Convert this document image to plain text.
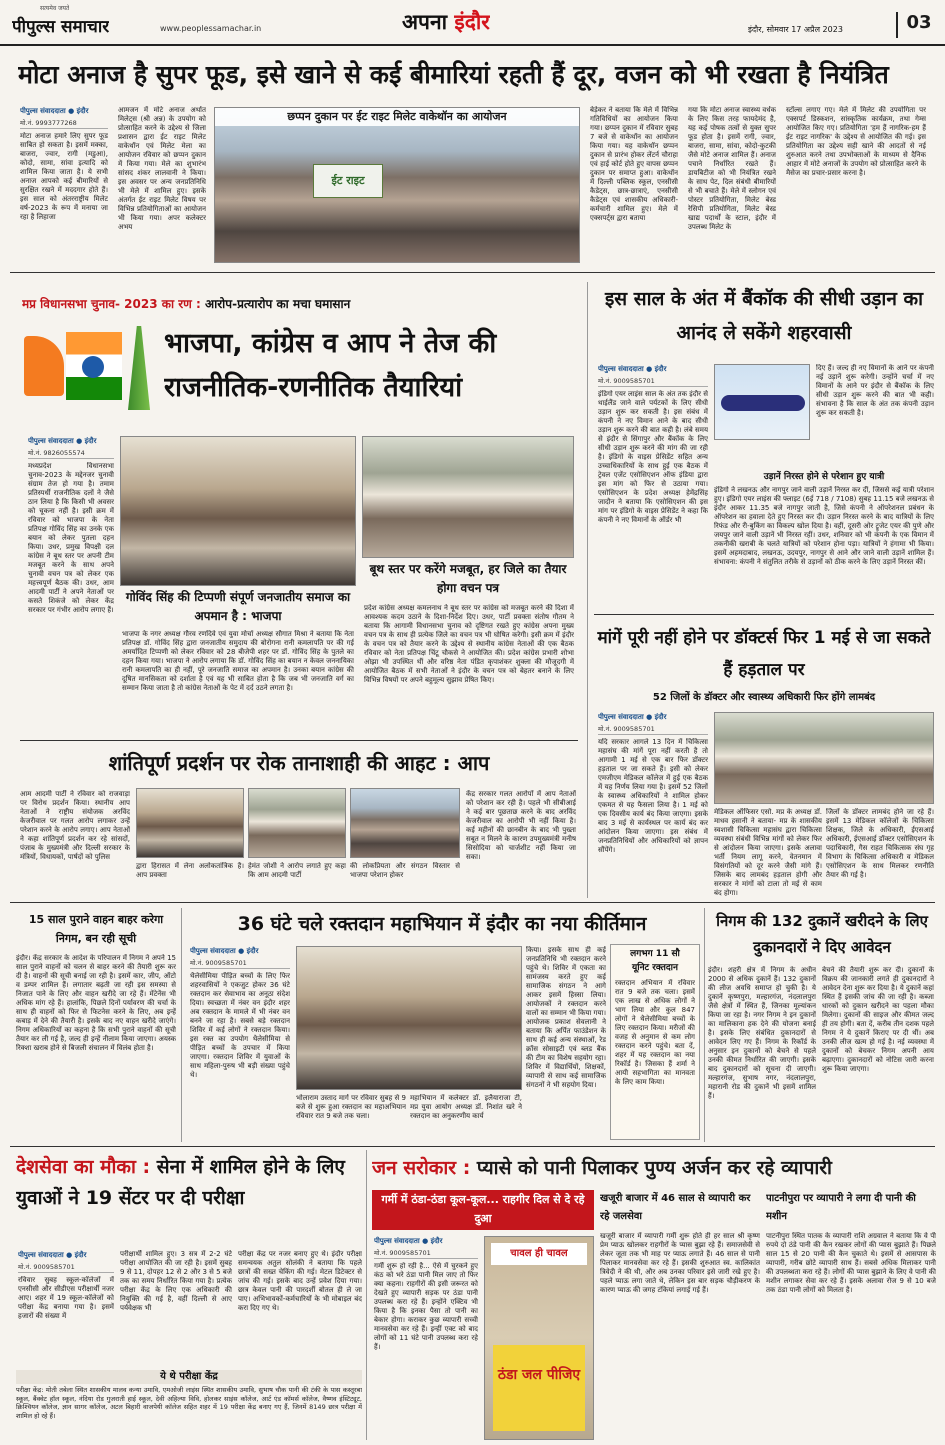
पीपुल्स समाचार
सत्यमेव जयते
www.peoplessamachar.in	अपना इंदौर	इंदौर, सोमवार 17 अप्रैल 2023	03
मोटा अनाज है सुपर फूड, इसे खाने से कई बीमारियां रहती हैं दूर, वजन को भी रखता है नियंत्रित
पीपुल्स संवाददाता ● इंदौर
मो.नं. 9993777268
मोटा अनाज हमारे लिए सुपर फूड साबित हो सकता है। इसमें मक्का, बाजरा, ज्वार, रागी (मडुआ), कोदो, सामा, सांवा इत्यादि को शामिल किया जाता है। ये सभी अनाज आपको कई बीमारियों से सुरक्षित रखने में मददगार होते हैं। इस साल को अंतरराष्ट्रीय मिलेट वर्ष-2023 के रूप में मनाया जा रहा है लिहाजा
आमजन में मोटे अनाज अर्थात मिलेट्स (श्री अन्न) के उपयोग को प्रोत्साहित करने के उद्देश्य से जिला प्रशासन द्वारा ईट राइट मिलेट वाकेथॉन एवं मिलेट मेला का आयोजन रविवार को छप्पन दुकान में किया गया। मेले का शुभारंभ सांसद शंकर लालवानी ने किया। इस अवसर पर अन्य जनप्रतिनिधि भी मेले में शामिल हुए। इसके अंतर्गत ईट राइट मिलेट विषय पर विभिन्न प्रतियोगिताओं का आयोजन भी किया गया। अपर कलेक्टर अभय
छप्पन दुकान पर ईट राइट मिलेट वाकेथॉन का आयोजन
ईट राइट
बेड़ेकर ने बताया कि मेले में विभिन्न गतिविधियों का आयोजन किया गया। छप्पन दुकान में रविवार सुबह 7 बजे से वाकेथॉन का आयोजन किया गया। यह वाकेथॉन छप्पन दुकान से प्रारंभ होकर लेंटर्न चौराहा एवं हाई कोर्ट होते हुए वापस छप्पन दुकान पर समाप्त हुआ। वाकेथॉन में दिल्ली पब्लिक स्कूल, एनसीसी कैडेट्स, छात्र-छात्राएं, एनसीसी कैडेट्स एवं शासकीय अधिकारी-कर्मचारी शामिल हुए। मेले में एक्सपर्ट्स द्वारा बताया
गया कि मोटा अनाज स्वास्थ्य वर्धक के लिए किस तरह फायदेमंद है, यह कई पोषक तत्वों से युक्त सुपर फूड होता है। इसमें रागी, ज्वार, बाजरा, सामा, सांवा, कोदो-कुटकी जैसे मोटे अनाज शामिल हैं। अनाज पचाने निर्धारित रखते हैं। डायबिटीज को भी नियंत्रित रखने के साथ पेट, दिल संबंधी बीमारियों से भी बचाते हैं। मेले में स्लोगन एवं पोस्टर प्रतियोगिता, मिलेट बेस्ड रेसिपी प्रतियोगिता, मिलेट बेस्ड खाद्य पदार्थों के स्टाल, इंदौर में उपलब्ध मिलेट के
स्टॉल्स लगाए गए। मेले में मिलेट की उपयोगिता पर एक्सपर्ट डिस्कशन, सांस्कृतिक कार्यक्रम, तथा गेम्स आयोजित किए गए। प्रतियोगिता 'हम हैं नागरिक-हम हैं ईट राइट नागरिक' के उद्देश्य से आयोजित की गई। इस प्रतियोगिता का उद्देश्य सही खाने की आदतों से नई शुरुआत करने तथा उपभोक्ताओं के माध्यम से दैनिक आहार में मोटे अनाजों के उपयोग को प्रोत्साहित करने के मैसेज का प्रचार-प्रसार करना है।
मप्र विधानसभा चुनाव- 2023 का रण : आरोप-प्रत्यारोप का मचा घमासान
भाजपा, कांग्रेस व आप ने तेज की राजनीतिक-रणनीतिक तैयारियां
पीपुल्स संवाददाता ● इंदौर
मो.नं. 9826055574
मध्यप्रदेश विधानसभा चुनाव-2023 के मद्देनजर चुनावी संग्राम तेज हो गया है। तमाम प्रतिस्पर्धी राजनीतिक दलों ने जैसे ठान लिया है कि किसी भी अवसर को चूकना नहीं है। इसी क्रम में रविवार को भाजपा के नेता प्रतिपक्ष गोविंद सिंह का उनके एक बयान को लेकर पुतला दहन किया। उधर, प्रमुख विपक्षी दल कांग्रेस ने बूथ स्तर पर अपनी टीम मजबूत करने के साथ अपने चुनावी वचन पत्र को लेकर एक महत्त्वपूर्ण बैठक की। उधर, आम आदमी पार्टी ने अपने नेताओं पर कसते शिकंजे को लेकर केंद्र सरकार पर गंभीर आरोप लगाए हैं।
गोविंद सिंह की टिप्पणी संपूर्ण जनजातीय समाज का अपमान है : भाजपा
बूथ स्तर पर करेंगे मजबूत, हर जिले का तैयार होगा वचन पत्र
भाजपा के नगर अध्यक्ष गौरव रणदिवे एवं युवा मोर्चा अध्यक्ष सौगात मिश्रा ने बताया कि नेता प्रतिपक्ष डॉ. गोविंद सिंह द्वारा जनजातीय समुदाय की बोरोगना रानी कमलापति पर की गई अमर्यादित टिप्पणी को लेकर रविवार को 28 बीजेपी शहर पर डॉ. गोविंद सिंह के पुतले का दहन किया गया। भाजपा ने आरोप लगाया कि डॉ. गोविंद सिंह का बयान न केवल जननायिका रानी कमलापति का ही नहीं, पूरे जनजाति समाज का अपमान है। उनका बयान कांग्रेस की दूषित मानसिकता को दर्शाता है एवं यह भी साबित होता है कि जब भी जनजाति वर्ग का सम्मान किया जाता है तो कांग्रेस नेताओं के पेट में दर्द उठने लगता है।
प्रदेश कांग्रेस अध्यक्ष कमलनाथ ने बूथ स्तर पर कांग्रेस को मजबूत करने की दिशा में आवश्यक कदम उठाने के दिशा-निर्देश दिए। उधर, पार्टी प्रवक्ता संतोष गौतम ने बताया कि आगामी विधानसभा चुनाव को दृष्टिगत रखते हुए कांग्रेस अपना मुख्य वचन पत्र के साथ ही प्रत्येक जिले का वचन पत्र भी घोषित करेगी। इसी क्रम में इंदौर के वचन पत्र को तैयार करने के उद्देश्य से स्थानीय कांग्रेस नेताओं की एक बैठक रविवार को नेता प्रतिपक्ष चिंटू चौकसे ने आयोजित की। प्रदेश कांग्रेस प्रभारी शोभा ओझा भी उपस्थित थीं और वरिष्ठ नेता पंडित कृपाशंकर शुक्ला की मौजूदगी में आयोजित बैठक में सभी नेताओं ने इंदौर के वचन पत्र को बेहतर बनाने के लिए विभिन्न विषयों पर अपने बहुमूल्य सुझाव प्रेषित किए।
शांतिपूर्ण प्रदर्शन पर रोक तानाशाही की आहट : आप
आम आदमी पार्टी ने रविवार को राजवाड़ा पर विरोध प्रदर्शन किया। स्थानीय आप नेताओं ने राष्ट्रीय संयोजक अरविंद केजरीवाल पर गलत आरोप लगाकर उन्हें परेशान करने के आरोप लगाए। आप नेताओं ने कहा शांतिपूर्ण प्रदर्शन कर रहे सांसदों, पंजाब के मुख्यमंत्री और दिल्ली सरकार के मंत्रियों, विधायकों, पार्षदों को पुलिस
द्वारा हिरासत में लेना अलोकतांत्रिक है। आप प्रवक्ता
हेमंत जोशी ने आरोप लगाते हुए कहा कि आम आदमी पार्टी
की लोकप्रियता और संगठन विस्तार से भाजपा परेशान होकर
केंद्र सरकार गलत आरोपों में आप नेताओं को परेशान कर रही है। पहले भी सीबीआई ने कई बार पूछताछ करने के बाद अरविंद केजरीवाल का आरोपी भी नहीं किया है। कई महीनों की छानबीन के बाद भी पुख्ता सबूत न मिलने के कारण उपमुख्यमंत्री मनीष सिसोदिया को चार्जशीट नहीं किया जा सका।
इस साल के अंत में बैंकॉक की सीधी उड़ान का आनंद ले सकेंगे शहरवासी
पीपुल्स संवाददाता ● इंदौर
मो.नं. 9009585701
इंडिगो एयर लाइंस साल के अंत तक इंदौर से थाईलैंड जाने वाले पर्यटकों के लिए सीधी उड़ान शुरू कर सकती है। इस संबंध में कंपनी ने नए विमान आने के बाद सीधी उड़ान शुरू करने की बात कही है। लंबे समय से इंदौर से सिंगापुर और बैंकॉक के लिए सीधी उड़ान शुरू करने की मांग की जा रही है। इंडिगो के वाइस प्रेसिडेंट सहित अन्य उच्चाधिकारियों के साथ हुई एक बैठक में ट्रेवल एजेंट एसोसिएशन ऑफ इंडिया द्वारा इस मांग को फिर से उठाया गया। एसोसिएशन के प्रदेश अध्यक्ष हेमेंद्रसिंह जादौन ने बताया कि एसोसिएशन की इस मांग पर इंडिगो के वाइस प्रेसिडेंट ने कहा कि कंपनी ने नए विमानों के ऑर्डर भी
दिए हैं। जल्द ही नए विमानों के आने पर कंपनी नई उड़ानें शुरू करेगी। उन्होंने चर्चा में नए विमानों के आने पर इंदौर से बैंकॉक के लिए सीधी उड़ान शुरू करने की बात भी कही। संभावना है कि साल के अंत तक कंपनी उड़ान शुरू कर सकती है।
उड़ानें निरस्त होने से परेशान हुए यात्री
इंडिगो ने लखनऊ और नागपुर जाने वाली उड़ानें निरस्त कर दीं, जिससे कई यात्री परेशान हुए। इंडिगो एयर लाइंस की फ्लाइट (6ई 718 / 7108) सुबह 11.15 बजे लखनऊ से इंदौर आकर 11.35 बजे नागपुर जाती है, जिसे कंपनी ने ऑपरेशनल प्रबंधन के ऑपरेशन का हवाला देते हुए निरस्त कर दी। उड़ान निरस्त करने के बाद यात्रियों के लिए रिफंड और री-बुकिंग का विकल्प खोल दिया है। वहीं, दूसरी ओर ट्रूजेट एयर की पुणे और जयपुर जाने वाली उड़ानें भी निरस्त रहीं। उधर, शनिवार को भी कंपनी के एक विमान में तकनीकी खराबी के चलते यात्रियों को परेशान होना पड़ा। यात्रियों ने हंगामा भी किया। इसमें अहमदाबाद, लखनऊ, उदयपुर, नागपुर से आने और जाने वाली उड़ानें शामिल हैं। संभावना: कंपनी ने संतुलित तरीके से उड़ानों को ठीक करने के लिए उड़ानें निरस्त कीं।
मांगें पूरी नहीं होने पर डॉक्टर्स फिर 1 मई से जा सकते हैं हड़ताल पर
52 जिलों के डॉक्टर और स्वास्थ्य अधिकारी फिर होंगे लामबंद
पीपुल्स संवाददाता ● इंदौर
मो.नं. 9009585701
यदि सरकार आगले 13 दिन में चिकित्सा महासंघ की मांगें पूरा नहीं करती है तो आगामी 1 मई से एक बार फिर डॉक्टर हड़ताल पर जा सकते हैं। इसी को लेकर एमजीएम मेडिकल कॉलेज में हुई एक बैठक में यह निर्णय लिया गया है। इसमें 52 जिलों के स्वास्थ्य अधिकारियों ने शामिल होकर एकमत से यह फैसला लिया है। 1 मई को एक दिवसीय कार्य बंद किया जाएगा। इसके बाद 3 मई से कार्यस्थल पर कार्य बंद कर आंदोलन किया जाएगा। इस संबंध में जनप्रतिनिधियों और अधिकारियों को ज्ञापन सौंपेंगे।
मेडिकल ऑफिसर एसो. मप्र के अध्यक्ष डॉ. माधव हसानी ने बताया- मप्र के शासकीय स्वशासी चिकित्सा महासंघ द्वारा चिकित्सा व्यवस्था संबंधी विभिन्न मांगों को लेकर फिर से आंदोलन किया जाएगा। इसके अलावा भर्ती नियम लागू करने, वेतनमान में विसंगतियों को दूर करने जैसी मांगे हैं। जिसके बाद लामबंद हड़ताल होगी और सरकार ने मांगों को टाला तो मई से काम बंद होगा।
जिलों के डॉक्टर लामबंद होने जा रहे हैं। इसमें 13 मेडिकल कॉलेजों के चिकित्सा शिक्षक, जिले के अधिकारी, ईएसआई अधिकारी, ईएसआई डॉक्टर एसोसिएशन के पदाधिकारी, गैस राहत चिकित्सक संघ गृह विभाग के चिकित्सा अधिकारी व मेडिकल एसोसिएशन के साथ मिलकर रणनीति तैयार की गई है।
15 साल पुराने वाहन बाहर करेगा निगम, बन रही सूची
इंदौर। केंद्र सरकार के आदेश के परिपालन में निगम ने अपने 15 साल पुराने वाहनों को चलन से बाहर करने की तैयारी शुरू कर दी है। वाहनों की सूची बनाई जा रही है। इसमें कार, जीप, ऑटो व डम्पर शामिल हैं। लगातार बढ़ती जा रही इस समस्या से निजात पाने के लिए और वाहन खरीदे जा रहे हैं। मेंटेनेंस भी अधिक मांग रहे हैं। हालांकि, पिछले दिनों पर्यावरण की चर्चा के साथ ही वाहनों को फिर से फिटनेस करने के लिए, अब इन्हें कबाड़ में देने की तैयारी है। इसके बाद नए वाहन खरीदे जाएंगे। निगम अधिकारियों का कहना है कि सभी पुराने वाहनों की सूची तैयार कर ली गई है, जल्द ही इन्हें नीलाम किया जाएगा। अयस्क रिक्शा खराब होने से बिजली संचालन में विलंब होता है।
36 घंटे चले रक्तदान महाभियान में इंदौर का नया कीर्तिमान
पीपुल्स संवाददाता ● इंदौर
मो.नं. 9009585701
थैलेसीमिया पीड़ित बच्चों के लिए फिर शहरवासियों ने एकजुट होकर 36 घंटे रक्तदान कर सेवाभाव का अनूठा संदेश दिया। स्वच्छता में नंबर वन इंदौर शहर अब रक्तदान के मामले में भी नंबर वन बनने जा रहा है। सबसे बड़े रक्तदान शिविर में कई लोगों ने रक्तदान किया। इस रक्त का उपयोग थैलेसीमिया से पीड़ित बच्चों के उपचार में किया जाएगा। रक्तदान शिविर में युवाओं के साथ महिला-पुरुष भी बड़ी संख्या पहुंचे थे।
भोलाराम उस्ताद मार्ग पर रविवार सुबह से 9 बजे से शुरू हुआ रक्तदान का महाअभियान रविवार रात 9 बजे तक चला।
महाभियान में कलेक्टर डॉ. इलैयाराजा टी, मप्र युवा आयोग अध्यक्ष डॉ. निशांत खरे ने रक्तदान का अनुकरणीय कार्य
किया। इसके साथ ही कई जनप्रतिनिधि भी रक्तदान करने पहुंचे थे। शिविर में एकता का सामंजस्य करते हुए कई सामाजिक संगठन ने आगे आकर इसमें हिस्सा लिया। आयोजकों ने रक्तदान करने वालों का सम्मान भी किया गया। आयोजक प्रकाश सेवलानी ने बताया कि अर्पित फाउंडेशन के साथ ही कई अन्य संस्थाओं, रेड क्रॉस सोसाइटी एवं ब्लड बैंक की टीम का विशेष सहयोग रहा। शिविर में विद्यार्थियों, शिक्षकों, व्यापारी से साथ कई सामाजिक संगठनों ने भी सहयोग दिया।
लगभग 11 सौ
यूनिट रक्तदान
रक्तदान अभियान में रविवार रात 9 बजे तक चला। इसमें एक लाख से अधिक लोगों ने भाग लिया और कुल 847 लोगों ने थैलेसीमिया बच्चों के लिए रक्तदान किया। मरीजों की वजह से अनुमान से कम लोग रक्तदान करने पहुंचे। बता दें, शहर में यह रक्तदान का नया रिकॉर्ड है। जिसका हैं शर्मा ने आयी सहभागिता का मानवता के लिए काम किया।
निगम की 132 दुकानें खरीदने के लिए दुकानदारों ने दिए आवेदन
इंदौर। शहरी क्षेत्र में निगम के अधीन 2000 से अधिक दुकानें हैं। 132 दुकानों की लीज अवधि समाप्त हो चुकी है। ये दुकानें कृष्णपुरा, मल्हारगंज, नंदलालपुरा जैसे क्षेत्रों में स्थित हैं, जिनका मूल्यांकन किया जा रहा है। नगर निगम ने इन दुकानों का मालिकाना हक देने की योजना बनाई है। इसके लिए संबंधित दुकानदारों से आवेदन लिए गए हैं। निगम के रिकॉर्ड के अनुसार इन दुकानों को बेचने से पहले उनकी कीमत निर्धारित की जाएगी। इसके बाद दुकानदारों को सूचना दी जाएगी। मल्हारगंज, सुभाष नगर, नंदलालपुरा, महारानी रोड की दुकानें भी इसमें शामिल हैं।
बेचने की तैयारी शुरू कर दी। दुकानों के विक्रय की जानकारी लगते ही दुकानदारों ने आवेदन देना शुरू कर दिया है। ये दुकानें कहां स्थित हैं इसकी जांच की जा रही है। कब्जा धारकों को दुकान खरीदने का पहला मौका मिलेगा। दुकानों की साइज और कीमत जल्द ही तय होगी। बता दें, करीब तीन दशक पहले निगम ने ये दुकानें किराए पर दी थीं। अब उनकी लीज खत्म हो गई है। नई व्यवस्था में दुकानों को बेचकर निगम अपनी आय बढ़ाएगा। दुकानदारों को नोटिस जारी करना शुरू किया जाएगा।
देशसेवा का मौका : सेना में शामिल होने के लिए युवाओं ने 19 सेंटर पर दी परीक्षा
पीपुल्स संवाददाता ● इंदौर
मो.नं. 9009585701
रविवार सुबह स्कूल-कॉलेजों में एनसीसी और सीडीएस परीक्षार्थी नजर आए। शहर में 19 स्कूल-कॉलेजों को परीक्षा केंद्र बनाया गया है। इसमें हजारों की संख्या में
परीक्षार्थी शामिल हुए। 3 सत्र में 2-2 घंटे परीक्षा आयोजित की जा रही है। इसमें सुबह 9 से 11, दोपहर 12 से 2 और 3 से 5 बजे तक का समय निर्धारित किया गया है। प्रत्येक परीक्षा केंद्र के लिए एक अधिकारी की नियुक्ति की गई है, वहीं दिल्ली से आए पर्यवेक्षक भी
परीक्षा केंद्र पर नजर बनाए हुए थे। इंदौर परीक्षा समन्वयक अतुल सोलंकी ने बताया कि पहले छात्रों की सख्त चेकिंग की गई। मेटल डिटेक्टर से जांच की गई। इसके बाद उन्हें प्रवेश दिया गया। छात्र केवल पानी की पारदर्शी बोतल ही ले जा पाए। अभिभावकों-कर्मचारियों के भी मोबाइल बंद करा दिए गए थे।
ये थे परीक्षा केंद्र
परीक्षा केंद्र: मोती तबेला स्थित शासकीय मालव कन्या उमावि, एमओजी लाइंस स्थित शासकीय उमावि, सुभाष चौक पानी की टंकी के पास कस्तूरबा स्कूल, बैंक्वेट हॉल स्कूल, नंदिया रोड गुजराती हाई स्कूल, देवी अहिल्या विवि, होलकर साइंस कॉलेज, आर्ट एंड कॉमर्स कॉलेज, वैष्णव इंस्टिट्यूट, क्रिश्चियन कॉलेज, ज्ञान सागर कॉलेज, अटल बिहारी वाजपेयी कॉलेज सहित शहर में 19 परीक्षा केंद्र बनाए गए हैं, जिनमें 8149 छात्र परीक्षा में शामिल हो रहे हैं।
जन सरोकार : प्यासे को पानी पिलाकर पुण्य अर्जन कर रहे व्यापारी
गर्मी में ठंडा-ठंडा कूल-कूल... राहगीर दिल से दे रहे दुआ
पीपुल्स संवाददाता ● इंदौर
मो.नं. 9009585701
गर्मी शुरू हो रही है... ऐसे में चुरकने हुए कंठ को भरे ठंडा पानी मिल जाए तो फिर क्या कहना। राहगीरों की इसी जरूरत को देखते हुए व्यापारी सड़क पर ठंडा पानी उपलब्ध करा रहे हैं। इन्होंने एक्टिव भी किया है कि इनका पैसा तो पानी का बेकार होगा। कराकर कुछ व्यापारी सच्ची मानवसेवा कर रहे हैं। इन्हीं एक्ट को बाद लोगों को 11 घंटे पानी उपलब्ध करा रहे हैं।
चावल ही चावल
ठंडा जल पीजिए
खजूरी बाजार में 46 साल से व्यापारी कर रहे जलसेवा
खजूरी बाजार में व्यापारी गर्मी शुरू होते ही हर साल श्री कृष्ण प्रेम प्याऊ खोलकर राहगीरों के प्यास बुझा रहे हैं। समाजसेवी से लेकर जूता तक भी माह पर प्याऊ लगाते हैं। 46 साल से पानी पिलाकर मानवसेवा कर रहे हैं। इसकी शुरुआत स्व. कालिकांत त्रिवेदी ने की थी, और अब उनका परिवार इसे जारी रखे हुए है। पहले प्याऊ लगा जाते थे, लेकिन इस बार सड़क चौड़ीकरण के कारण प्याऊ की जगह टंकियां लगाई गई हैं।
पाटनीपुरा पर व्यापारी ने लगा दी पानी की मशीन
पाटनीपुरा स्थित पातक के व्यापारी राशि अग्रवाल ने बताया कि वे पी रुपये दो ठंडे पानी की कैन रखकर लोगों की प्यास बुझाते हैं। पिछले साल 15 से 20 पानी की कैन चुकाते थे। इसमें से आसपास के व्यापारी, गरीब छोटे व्यापारी साथ हैं। सबसे अधिक मिलाकर पानी की उपलब्धता करा रहे हैं। लोगों की प्यास बुझाने के लिए वे पानी की मशीन लगाकर सेवा कर रहे हैं। इसके अलावा रोज 9 से 10 बजे तक ठंडा पानी लोगों को मिलता है।
